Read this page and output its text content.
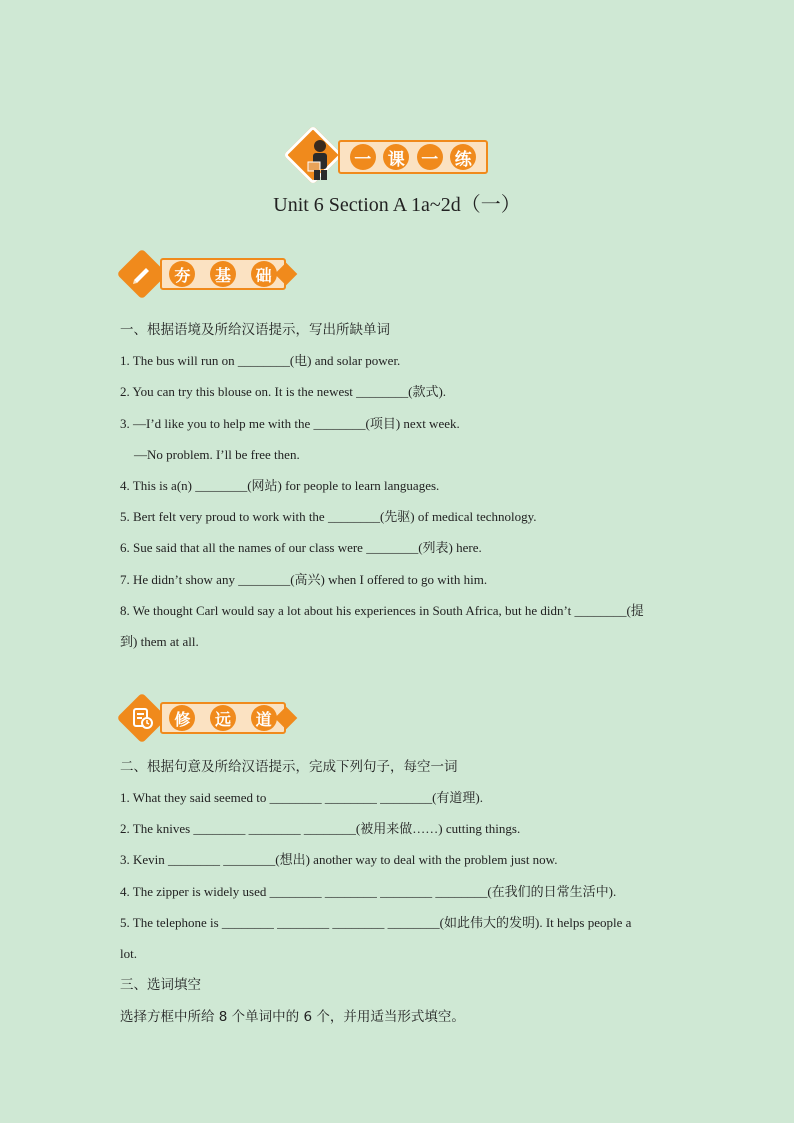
一 课 一 练
Unit 6 Section A 1a~2d（一）
夯	基	础
一、根据语境及所给汉语提示，写出所缺单词
1. The bus will run on ________(电) and solar power.
2. You can try this blouse on. It is the newest ________(款式).
3. —I’d like you to help me with the ________(项目) next week.
—No problem. I’ll be free then.
4. This is a(n) ________(网站) for people to learn languages.
5. Bert felt very proud to work with the ________(先驱) of medical technology.
6. Sue said that all the names of our class were ________(列表) here.
7. He didn’t show any ________(高兴) when I offered to go with him.
8. We thought Carl would say a lot about his experiences in South Africa, but he didn’t ________(提
到) them at all.
修	远	道
二、根据句意及所给汉语提示，完成下列句子，每空一词
1. What they said seemed to ________ ________ ________(有道理).
2. The knives ________ ________ ________(被用来做……) cutting things.
3. Kevin ________ ________(想出) another way to deal with the problem just now.
4. The zipper is widely used ________ ________ ________ ________(在我们的日常生活中).
5. The telephone is ________ ________ ________ ________(如此伟大的发明). It helps people a
lot.
三、选词填空
选择方框中所给 8 个单词中的 6 个，并用适当形式填空。
